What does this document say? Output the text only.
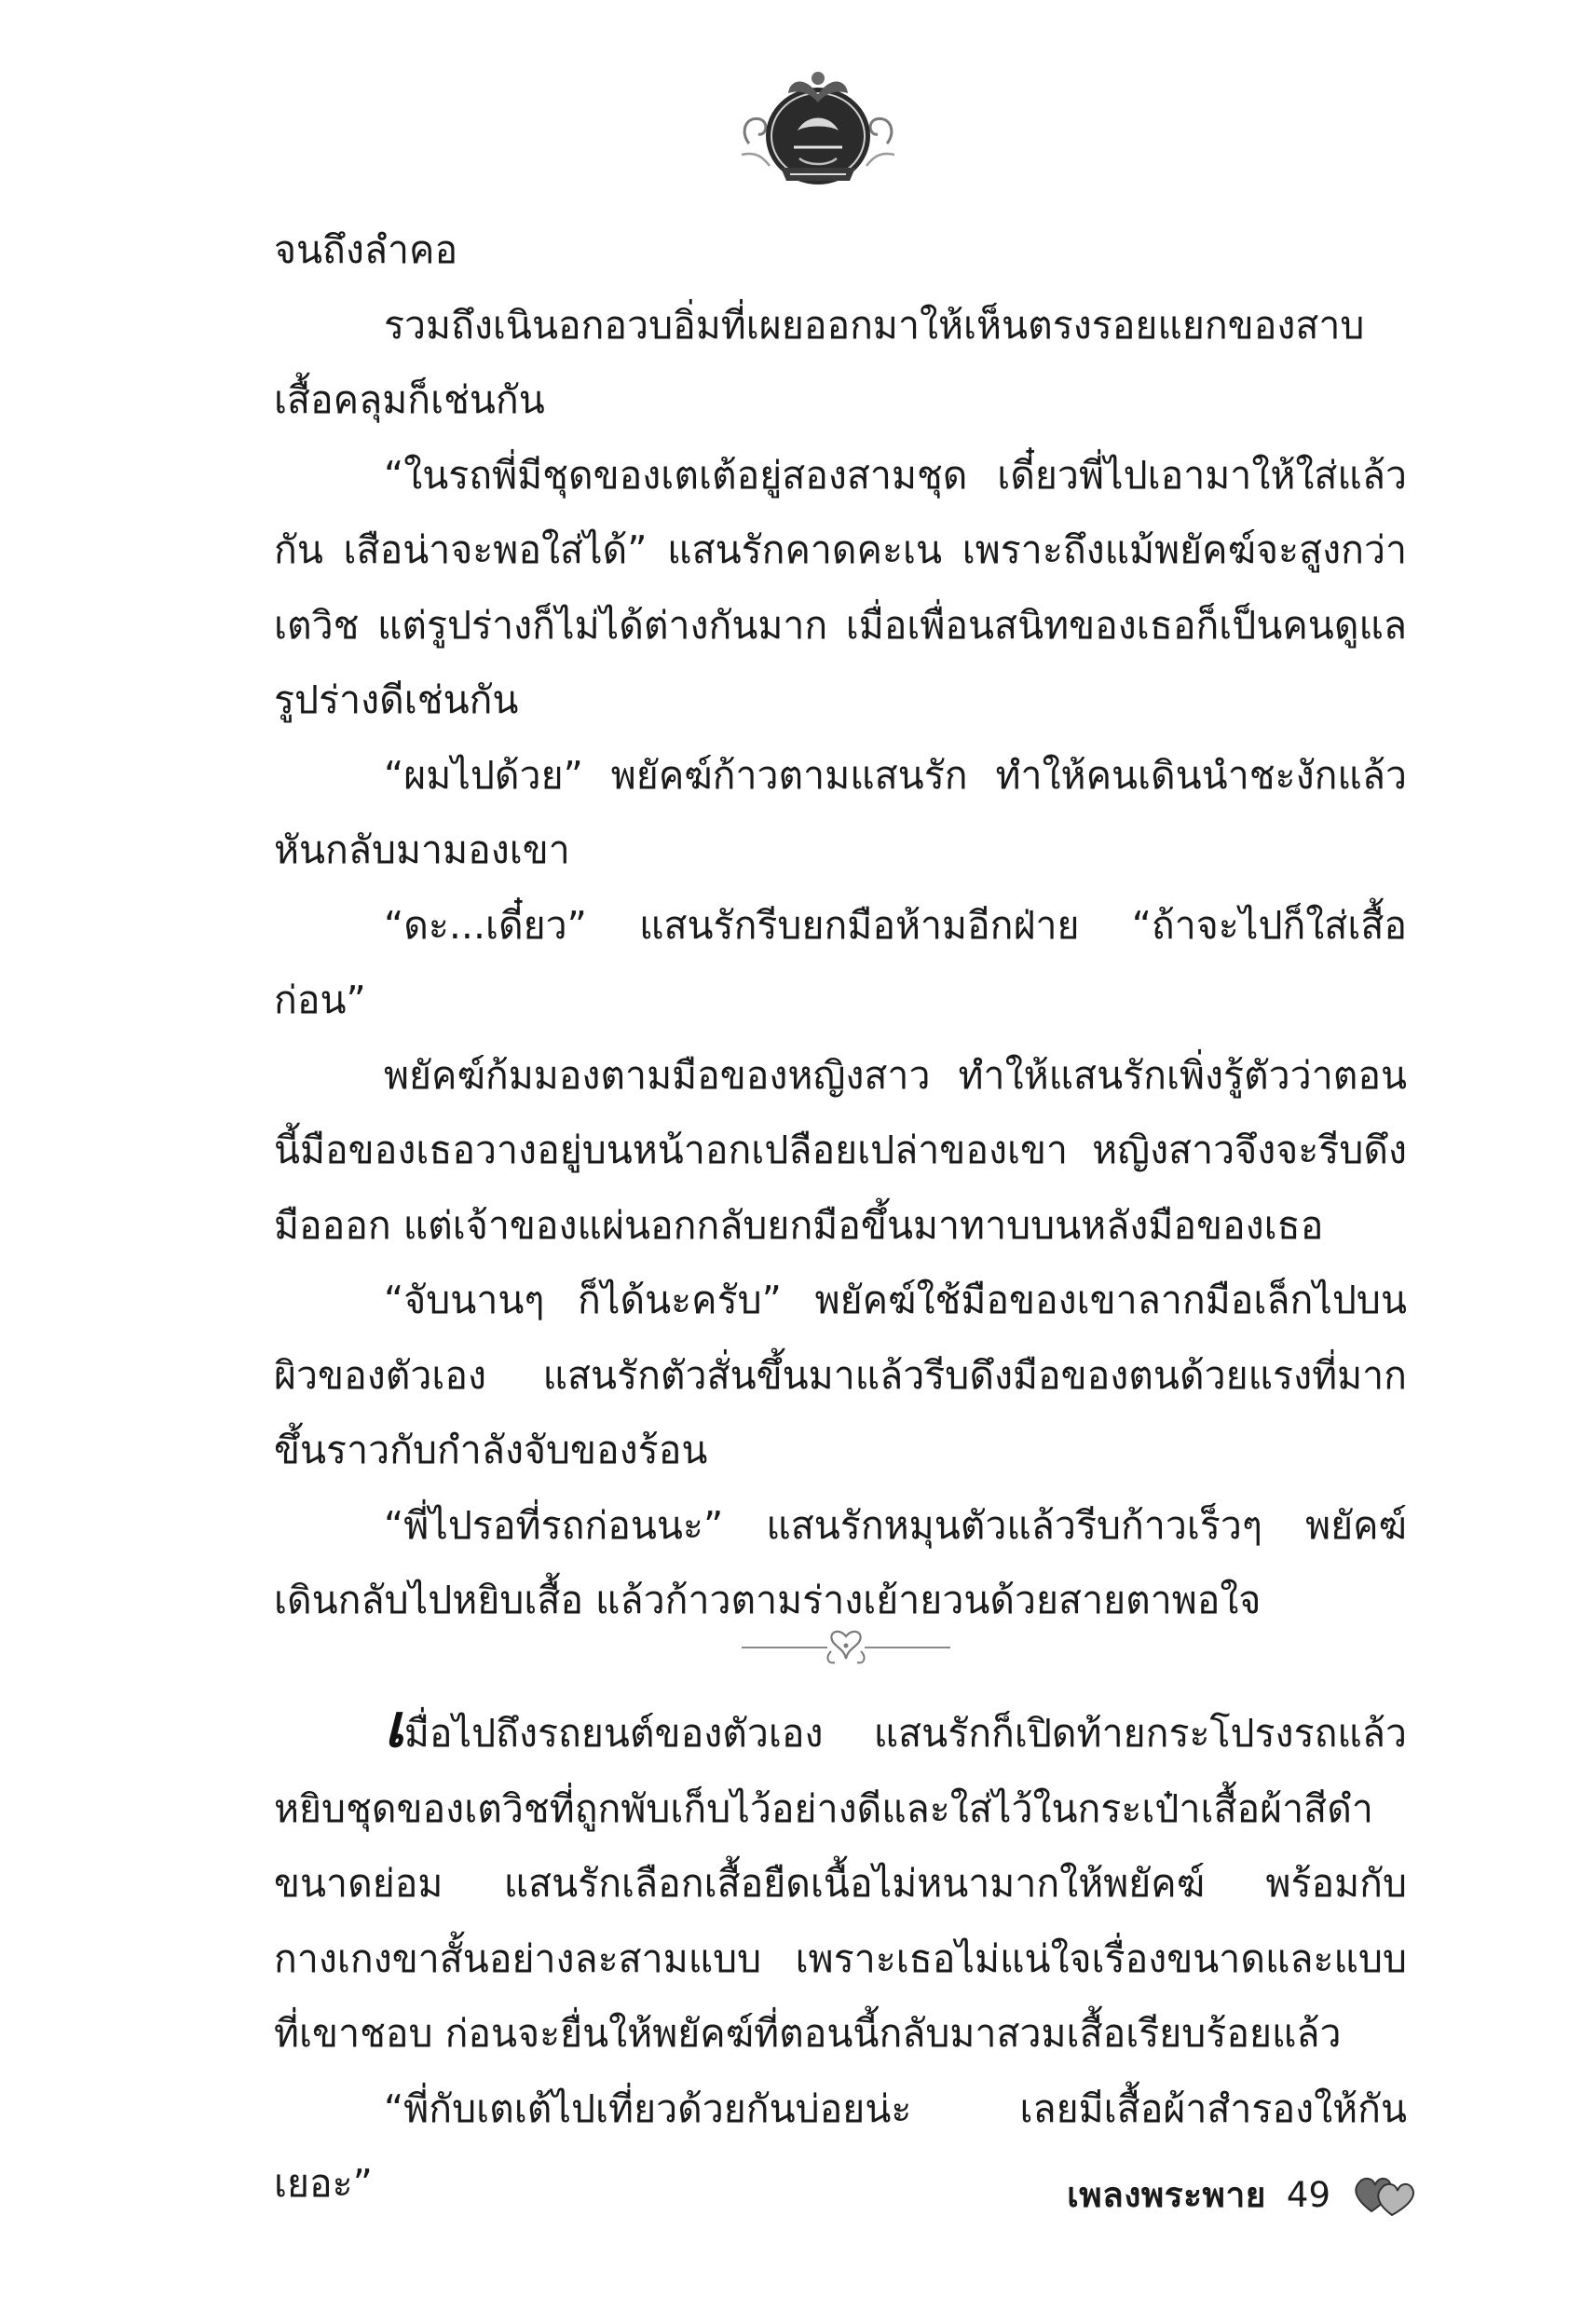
จนถึงลำคอ

รวมถึงเนินอกอวบอิ่มที่เผยออกมาให้เห็นตรงรอยแยกของสาบเสื้อคลุมก็เช่นกัน

“ในรถพี่มีชุดของเตเต้อยู่สองสามชุด เดี๋ยวพี่ไปเอามาให้ใส่แล้วกัน เสือน่าจะพอใส่ได้” แสนรักคาดคะเน เพราะถึงแม้พยัคฆ์จะสูงกว่าเตวิช แต่รูปร่างก็ไม่ได้ต่างกันมาก เมื่อเพื่อนสนิทของเธอก็เป็นคนดูแลรูปร่างดีเช่นกัน

“ผมไปด้วย” พยัคฆ์ก้าวตามแสนรัก ทำให้คนเดินนำชะงักแล้วหันกลับมามองเขา

“ดะ...เดี๋ยว” แสนรักรีบยกมือห้ามอีกฝ่าย “ถ้าจะไปก็ใส่เสื้อก่อน”

พยัคฆ์ก้มมองตามมือของหญิงสาว ทำให้แสนรักเพิ่งรู้ตัวว่าตอนนี้มือของเธอวางอยู่บนหน้าอกเปลือยเปล่าของเขา หญิงสาวจึงจะรีบดึงมือออก แต่เจ้าของแผ่นอกกลับยกมือขึ้นมาทาบบนหลังมือของเธอ

“จับนานๆ ก็ได้นะครับ” พยัคฆ์ใช้มือของเขาลากมือเล็กไปบนผิวของตัวเอง แสนรักตัวสั่นขึ้นมาแล้วรีบดึงมือของตนด้วยแรงที่มากขึ้นราวกับกำลังจับของร้อน

“พี่ไปรอที่รถก่อนนะ” แสนรักหมุนตัวแล้วรีบก้าวเร็วๆ พยัคฆ์เดินกลับไปหยิบเสื้อ แล้วก้าวตามร่างเย้ายวนด้วยสายตาพอใจ

เมื่อไปถึงรถยนต์ของตัวเอง แสนรักก็เปิดท้ายกระโปรงรถแล้วหยิบชุดของเตวิชที่ถูกพับเก็บไว้อย่างดีและใส่ไว้ในกระเป๋าเสื้อผ้าสีดำขนาดย่อม แสนรักเลือกเสื้อยืดเนื้อไม่หนามากให้พยัคฆ์ พร้อมกับกางเกงขาสั้นอย่างละสามแบบ เพราะเธอไม่แน่ใจเรื่องขนาดและแบบที่เขาชอบ ก่อนจะยื่นให้พยัคฆ์ที่ตอนนี้กลับมาสวมเสื้อเรียบร้อยแล้ว

“พี่กับเตเต้ไปเที่ยวด้วยกันบ่อยน่ะ เลยมีเสื้อผ้าสำรองให้กันเยอะ”	เพลงพระพาย 49
